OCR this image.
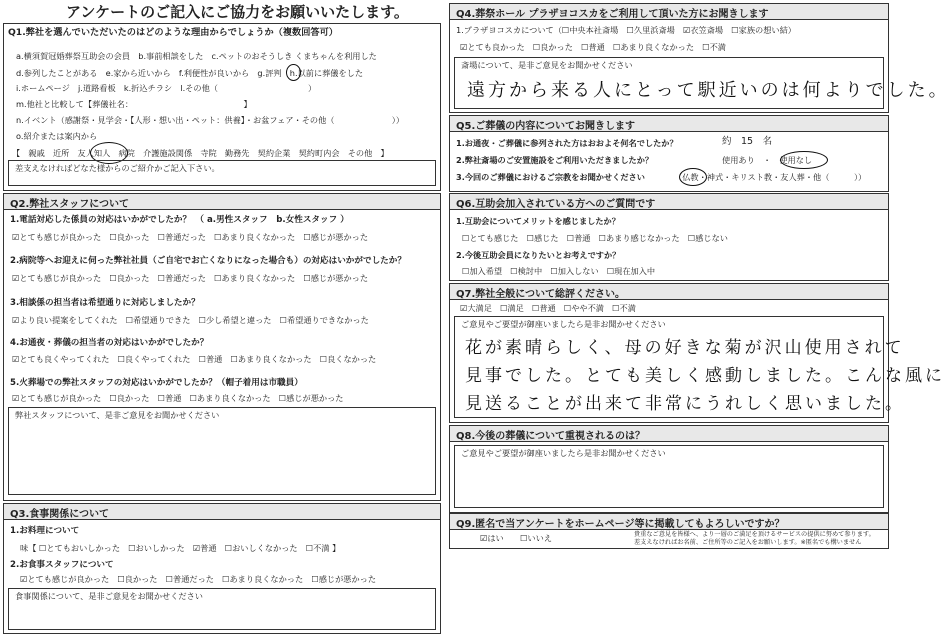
アンケートのご記入にご協力をお願いいたします。
Q1.弊社を選んでいただいたのはどのような理由からでしょうか（複数回答可）
a.横須賀冠婚葬祭互助会の会員　b.事前相談をした　c.ペットのおそうしき くまちゃんを利用した
d.参列したことがある　e.家から近いから　f.利便性が良いから　g.評判　h.以前に葬儀をした
i.ホームページ　j.道路看板　k.折込チラシ　l.その他（　　　　　　　　　　　）
m.他社と比較して【葬儀社名：　　　　　　　　　　　　　　】
n.イベント（感謝祭・見学会・【人形・想い出・ペット：供養】・お盆フェア・その他（　　　　　　　））
o.紹介または案内から
【　親戚　近所　友人知人　病院　介護施設関係　寺院　勤務先　契約企業　契約町内会　その他　】
差支えなければどなた様からのご紹介かご記入下さい。
Q2.弊社スタッフについて
1.電話対応した係員の対応はいかがでしたか？　（ a.男性スタッフ　b.女性スタッフ ）
☑とても感じが良かった　☐良かった　☐普通だった　☐あまり良くなかった　☐感じが悪かった
2.病院等へお迎えに伺った弊社社員（ご自宅でお亡くなりになった場合も）の対応はいかがでしたか？
☑とても感じが良かった　☐良かった　☐普通だった　☐あまり良くなかった　☐感じが悪かった
3.相談係の担当者は希望通りに対応しましたか？
☑より良い提案をしてくれた　☐希望通りできた　☐少し希望と違った　☐希望通りできなかった
4.お通夜・葬儀の担当者の対応はいかがでしたか？
☑とても良くやってくれた　☐良くやってくれた　☐普通　☐あまり良くなかった　☐良くなかった
5.火葬場での弊社スタッフの対応はいかがでしたか？（帽子着用は市職員）
☑とても感じが良かった　☐良かった　☐普通　☐あまり良くなかった　☐感じが悪かった
弊社スタッフについて、是非ご意見をお聞かせください
Q3.食事関係について
1.お料理について
味【 ☐とてもおいしかった　☐おいしかった　☑普通　☐おいしくなかった　☐不満 】
2.お食事スタッフについて
☑とても感じが良かった　☐良かった　☐普通だった　☐あまり良くなかった　☐感じが悪かった
食事関係について、是非ご意見をお聞かせください
Q4.葬祭ホール プラザヨコスカをご利用して頂いた方にお聞きします
1.プラザヨコスカについて（☐中央本社斎場　☐久里浜斎場　☑衣笠斎場　☐家族の想い結）
☑とても良かった　☐良かった　☐普通　☐あまり良くなかった　☐不満
斎場について、是非ご意見をお聞かせください
遠方から来る人にとって駅近いのは何よりでした。
Q5.ご葬儀の内容についてお聞きします
1.お通夜・ご葬儀に参列された方はおおよそ何名でしたか？	約　15　名
2.弊社斎場のご安置施設をご利用いただきましたか？	使用あり　・　使用なし
3.今回のご葬儀におけるご宗教をお聞かせください	（仏教・神式・キリスト教・友人葬・他（　　　））
Q6.互助会加入されている方へのご質問です
1.互助会についてメリットを感じましたか？
☐とても感じた　☐感じた　☐普通　☐あまり感じなかった　☐感じない
2.今後互助会員になりたいとお考えですか？
☐加入希望　☐検討中　☐加入しない　☐現在加入中
Q7.弊社全般について総評ください。
☑大満足　☐満足　☐普通　☐やや不満　☐不満
ご意見やご要望が御座いましたら是非お聞かせください
花が素晴らしく、母の好きな菊が沢山使用されて
見事でした。とても美しく感動しました。こんな風に
見送ることが出来て非常にうれしく思いました。
Q8.今後の葬儀について重視されるのは？
ご意見やご要望が御座いましたら是非お聞かせください
Q9.匿名で当アンケートをホームページ等に掲載してもよろしいですか？
☑はい　　☐いいえ	貴重なご意見を皆様へ、より一層のご満足を頂けるサービスの提供に努めて参ります。
差支えなければお名前、ご住所等のご記入をお願いします。※匿名でも構いません
